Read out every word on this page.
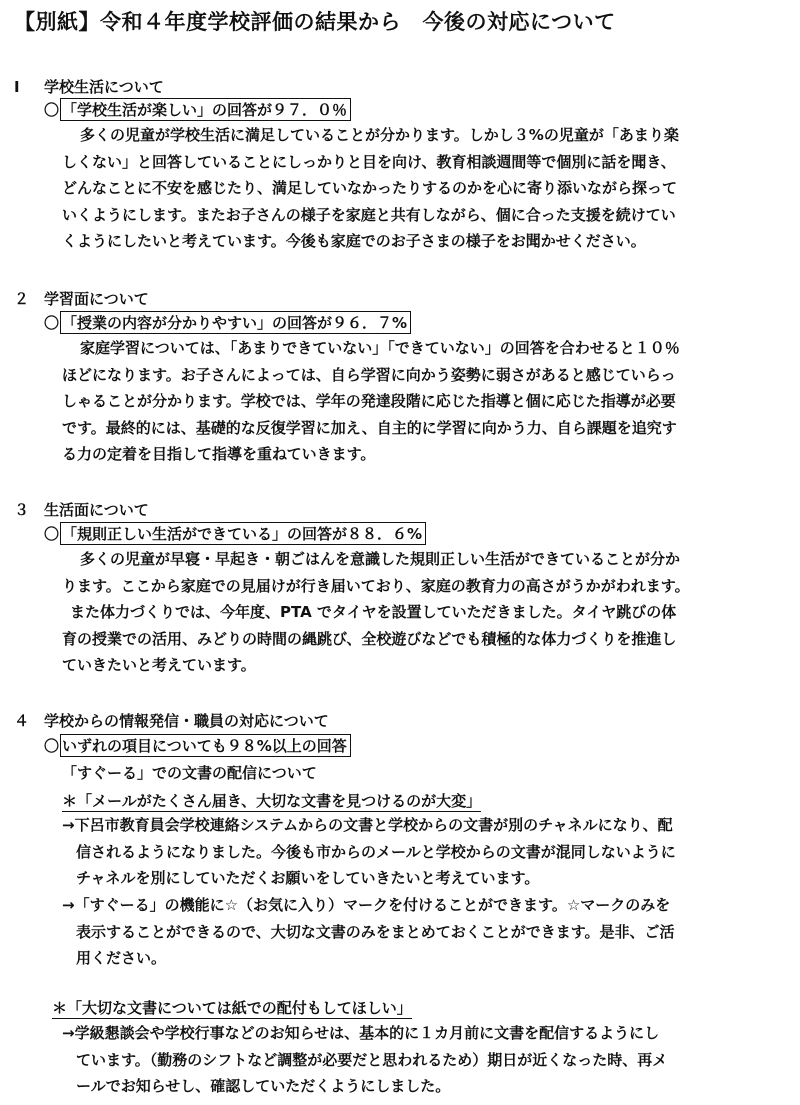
【別紙】令和４年度学校評価の結果から　今後の対応について
Ⅰ 学校生活について
〇 「学校生活が楽しい」の回答が９７．０％
多くの児童が学校生活に満足していることが分かります。しかし３%の児童が「あまり楽
しくない」と回答していることにしっかりと目を向け、教育相談週間等で個別に話を聞き、
どんなことに不安を感じたり、満足していなかったりするのかを心に寄り添いながら探って
いくようにします。またお子さんの様子を家庭と共有しながら、個に合った支援を続けてい
くようにしたいと考えています。今後も家庭でのお子さまの様子をお聞かせください。
２ 学習面について
〇 「授業の内容が分かりやすい」の回答が９６．７%
家庭学習については、「あまりできていない」「できていない」の回答を合わせると１０％
ほどになります。お子さんによっては、自ら学習に向かう姿勢に弱さがあると感じていらっ
しゃることが分かります。学校では、学年の発達段階に応じた指導と個に応じた指導が必要
です。最終的には、基礎的な反復学習に加え、自主的に学習に向かう力、自ら課題を追究す
る力の定着を目指して指導を重ねていきます。
３ 生活面について
〇 「規則正しい生活ができている」の回答が８８．６%
多くの児童が早寝・早起き・朝ごはんを意識した規則正しい生活ができていることが分か
ります。ここから家庭での見届けが行き届いており、家庭の教育力の高さがうかがわれます。
また体力づくりでは、今年度、PTA でタイヤを設置していただきました。タイヤ跳びの体
育の授業での活用、みどりの時間の縄跳び、全校遊びなどでも積極的な体力づくりを推進し
ていきたいと考えています。
４ 学校からの情報発信・職員の対応について
〇 いずれの項目についても９８%以上の回答
「すぐーる」での文書の配信について
＊「メールがたくさん届き、大切な文書を見つけるのが大変」
→下呂市教育員会学校連絡システムからの文書と学校からの文書が別のチャネルになり、配
信されるようになりました。今後も市からのメールと学校からの文書が混同しないように
チャネルを別にしていただくお願いをしていきたいと考えています。
→「すぐーる」の機能に☆（お気に入り）マークを付けることができます。☆マークのみを
表示することができるので、大切な文書のみをまとめておくことができます。是非、ご活
用ください。
＊「大切な文書については紙での配付もしてほしい」
→学級懇談会や学校行事などのお知らせは、基本的に１カ月前に文書を配信するようにし
ています。（勤務のシフトなど調整が必要だと思われるため）期日が近くなった時、再メ
ールでお知らせし、確認していただくようにしました。
